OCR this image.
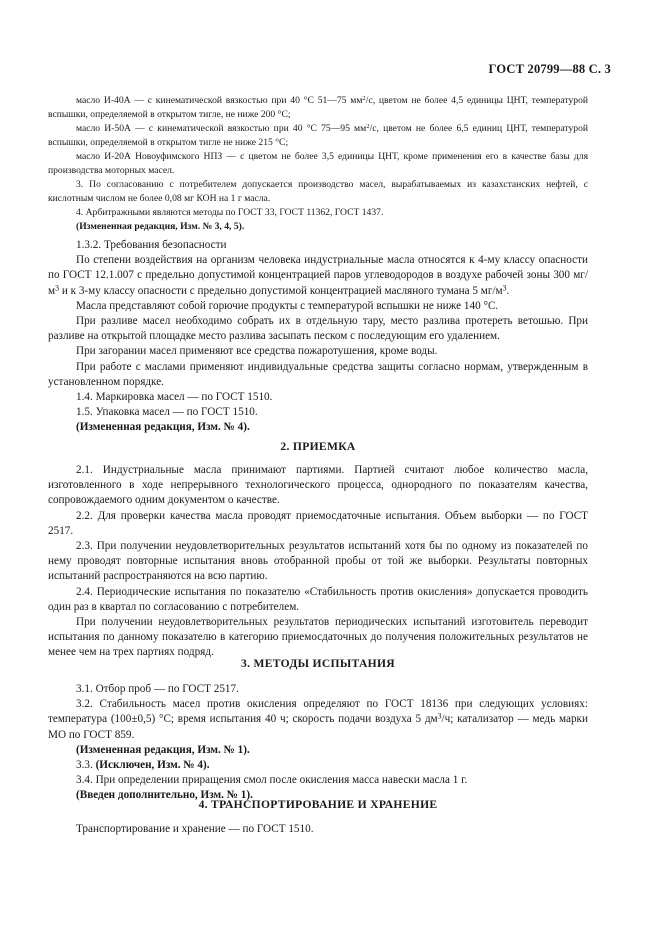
ГОСТ 20799—88 С. 3

масло И-40А — с кинематической вязкостью при 40 °С 51—75 $мм^2/с$, цветом не более 4,5 единицы ЦНТ, температурой вспышки, определяемой в открытом тигле, не ниже 200 °С;

масло И-50А — с кинематической вязкостью при 40 °С 75—95 $мм^2/с$, цветом не более 6,5 единиц ЦНТ, температурой вспышки, определяемой в открытом тигле не ниже 215 °С;

масло И-20А Новоуфимского НПЗ — с цветом не более 3,5 единицы ЦНТ, кроме применения его в качестве базы для производства моторных масел.

3. По согласованию с потребителем допускается производство масел, вырабатываемых из казахстанских нефтей, с кислотным числом не более 0,08 мг КОН на 1 г масла.

4. Арбитражными являются методы по ГОСТ 33, ГОСТ 11362, ГОСТ 1437.

(Измененная редакция, Изм. № 3, 4, 5).

1.3.2. Требования безопасности

По степени воздействия на организм человека индустриальные масла относятся к 4-му классу опасности по ГОСТ 12.1.007 с предельно допустимой концентрацией паров углеводородов в воздухе рабочей зоны 300 $мг/м^3$ и к 3-му классу опасности с предельно допустимой концентрацией масляного тумана 5 $мг/м^3$.

Масла представляют собой горючие продукты с температурой вспышки не ниже 140 °С.

При разливе масел необходимо собрать их в отдельную тару, место разлива протереть ветошью. При разливе на открытой площадке место разлива засыпать песком с последующим его удалением.

При загорании масел применяют все средства пожаротушения, кроме воды.

При работе с маслами применяют индивидуальные средства защиты согласно нормам, утвержденным в установленном порядке.

1.4. Маркировка масел — по ГОСТ 1510.

1.5. Упаковка масел — по ГОСТ 1510.

(Измененная редакция, Изм. № 4).

2. ПРИЕМКА

2.1. Индустриальные масла принимают партиями. Партией считают любое количество масла, изготовленного в ходе непрерывного технологического процесса, однородного по показателям качества, сопровождаемого одним документом о качестве.

2.2. Для проверки качества масла проводят приемосдаточные испытания. Объем выборки — по ГОСТ 2517.

2.3. При получении неудовлетворительных результатов испытаний хотя бы по одному из показателей по нему проводят повторные испытания вновь отобранной пробы от той же выборки. Результаты повторных испытаний распространяются на всю партию.

2.4. Периодические испытания по показателю «Стабильность против окисления» допускается проводить один раз в квартал по согласованию с потребителем.

При получении неудовлетворительных результатов периодических испытаний изготовитель переводит испытания по данному показателю в категорию приемосдаточных до получения положительных результатов не менее чем на трех партиях подряд.

3. МЕТОДЫ ИСПЫТАНИЯ

3.1. Отбор проб — по ГОСТ 2517.

3.2. Стабильность масел против окисления определяют по ГОСТ 18136 при следующих условиях: температура (100±0,5) °С; время испытания 40 ч; скорость подачи воздуха 5 $дм^3/ч$; катализатор — медь марки МО по ГОСТ 859.

(Измененная редакция, Изм. № 1).

3.3. (Исключен, Изм. № 4).

3.4. При определении приращения смол после окисления масса навески масла 1 г.

(Введен дополнительно, Изм. № 1).

4. ТРАНСПОРТИРОВАНИЕ И ХРАНЕНИЕ

Транспортирование и хранение — по ГОСТ 1510.
